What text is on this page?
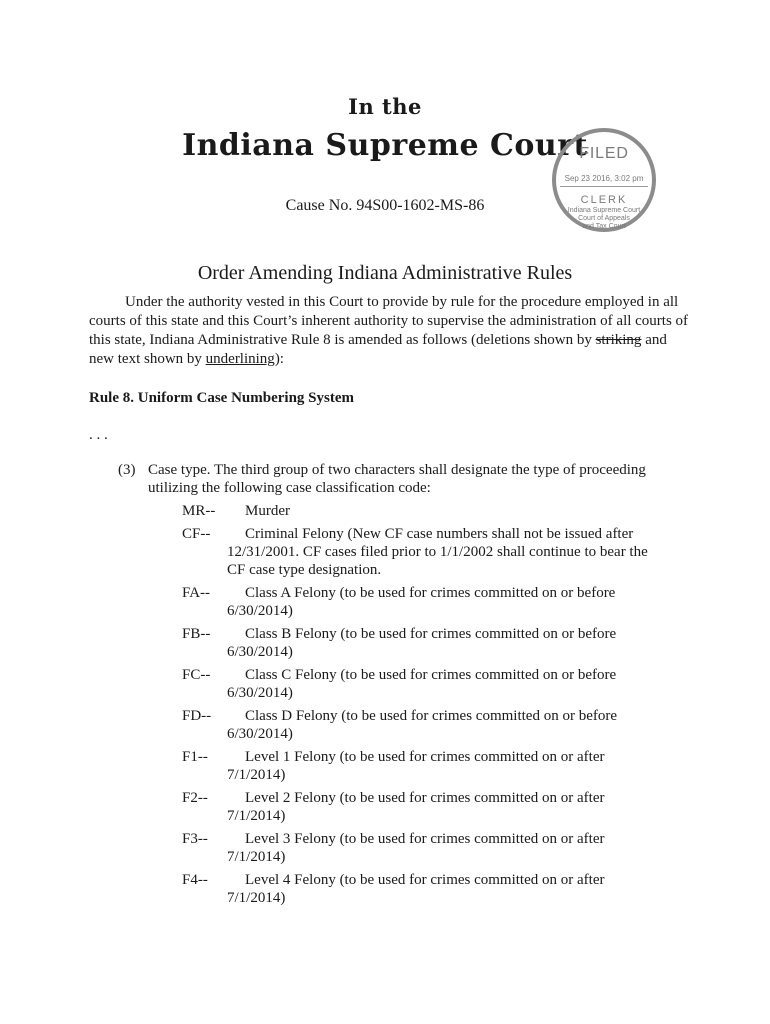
In the
Indiana Supreme Court
Cause No. 94S00-1602-MS-86
FILED
Sep 23 2016, 3:02 pm
CLERK
Indiana Supreme Court
Court of Appeals
and Tax Court
Order Amending Indiana Administrative Rules

Under the authority vested in this Court to provide by rule for the procedure employed in all courts of this state and this Court’s inherent authority to supervise the administration of all courts of this state, Indiana Administrative Rule 8 is amended as follows (deletions shown by striking and new text shown by underlining):

Rule 8. Uniform Case Numbering System
. . .
(3) Case type. The third group of two characters shall designate the type of proceeding utilizing the following case classification code:
MR--	Murder
CF--	Criminal Felony (New CF case numbers shall not be issued after 12/31/2001. CF cases filed prior to 1/1/2002 shall continue to bear the CF case type designation.
FA--	Class A Felony (to be used for crimes committed on or before 6/30/2014)
FB--	Class B Felony (to be used for crimes committed on or before 6/30/2014)
FC--	Class C Felony (to be used for crimes committed on or before 6/30/2014)
FD--	Class D Felony (to be used for crimes committed on or before 6/30/2014)
F1--	Level 1 Felony (to be used for crimes committed on or after 7/1/2014)
F2--	Level 2 Felony (to be used for crimes committed on or after 7/1/2014)
F3--	Level 3 Felony (to be used for crimes committed on or after 7/1/2014)
F4--	Level 4 Felony (to be used for crimes committed on or after 7/1/2014)
